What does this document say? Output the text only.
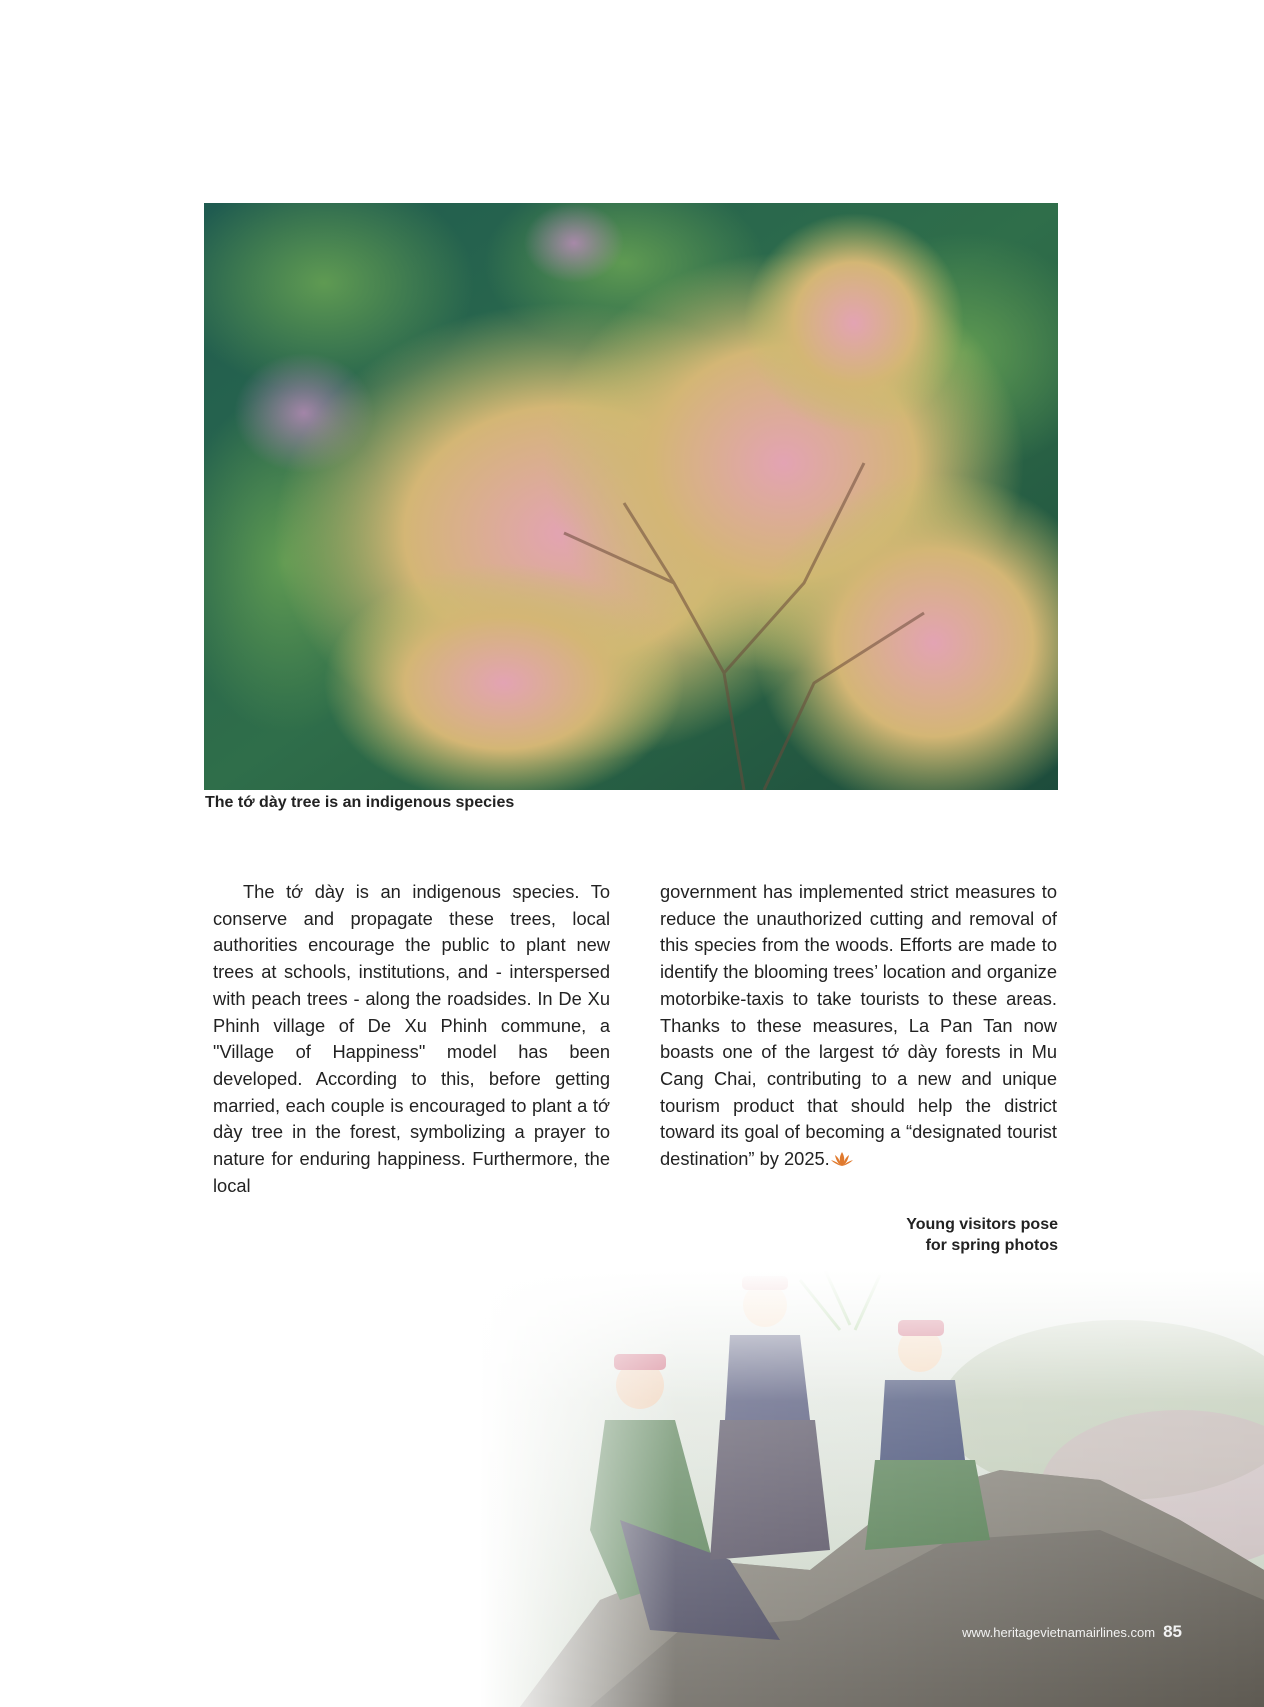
The tớ dày tree is an indigenous species

The tớ dày is an indigenous species. To conserve and propagate these trees, local authorities encourage the public to plant new trees at schools, institutions, and - interspersed with peach trees - along the roadsides. In De Xu Phinh village of De Xu Phinh commune, a "Village of Happiness" model has been developed. According to this, before getting married, each couple is encouraged to plant a tớ dày tree in the forest, symbolizing a prayer to nature for enduring happiness. Furthermore, the local

government has implemented strict measures to reduce the unauthorized cutting and removal of this species from the woods. Efforts are made to identify the blooming trees’ location and organize motorbike-taxis to take tourists to these areas. Thanks to these measures, La Pan Tan now boasts one of the largest tớ dày forests in Mu Cang Chai, contributing to a new and unique tourism product that should help the district toward its goal of becoming a “designated tourist destination” by 2025.

Young visitors pose
for spring photos
www.heritagevietnamairlines.com 85
